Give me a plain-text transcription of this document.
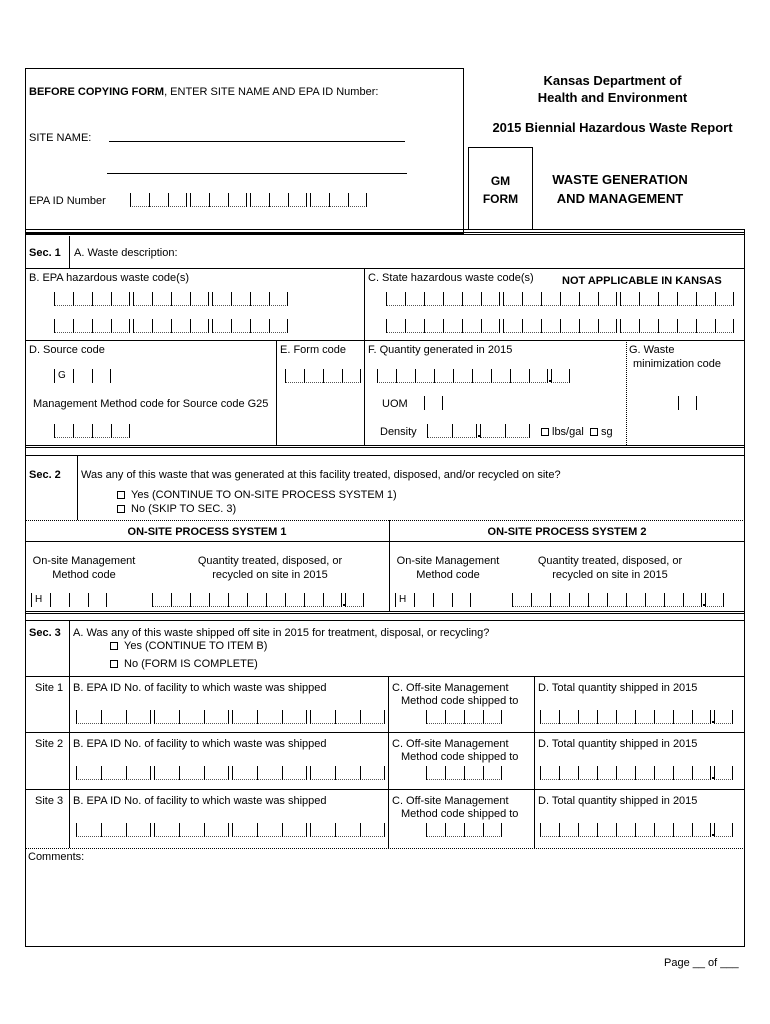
BEFORE COPYING FORM, ENTER SITE NAME AND EPA ID Number:
SITE NAME:
EPA ID Number
Kansas Department of
Health and Environment
2015 Biennial Hazardous Waste Report
GM
FORM
WASTE GENERATION
AND MANAGEMENT
Sec. 1 A. Waste description:
B. EPA hazardous waste code(s)	C. State hazardous waste code(s)	NOT APPLICABLE IN KANSAS
D. Source code
G
Management Method code for Source code G25
E. Form code F. Quantity generated in 2015
UOM
Density	lbs/gal	sg
G. Waste
minimization code
Sec. 2 Was any of this waste that was generated at this facility treated, disposed, and/or recycled on site?
Yes (CONTINUE TO ON-SITE PROCESS SYSTEM 1)
No (SKIP TO SEC. 3)
ON-SITE PROCESS SYSTEM 1
On-site Management
Method code
Quantity treated, disposed, or
recycled on site in 2015
H
ON-SITE PROCESS SYSTEM 2
On-site Management
Method code
Quantity treated, disposed, or
recycled on site in 2015
H
Sec. 3 A. Was any of this waste shipped off site in 2015 for treatment, disposal, or recycling?
Yes (CONTINUE TO ITEM B)
No (FORM IS COMPLETE)
Site 1 B. EPA ID No. of facility to which waste was shipped	C. Off-site Management
Method code shipped to
D. Total quantity shipped in 2015
Site 2 B. EPA ID No. of facility to which waste was shipped	C. Off-site Management
Method code shipped to
D. Total quantity shipped in 2015
Site 3 B. EPA ID No. of facility to which waste was shipped	C. Off-site Management
Method code shipped to
D. Total quantity shipped in 2015
Comments:
Page __ of ___
